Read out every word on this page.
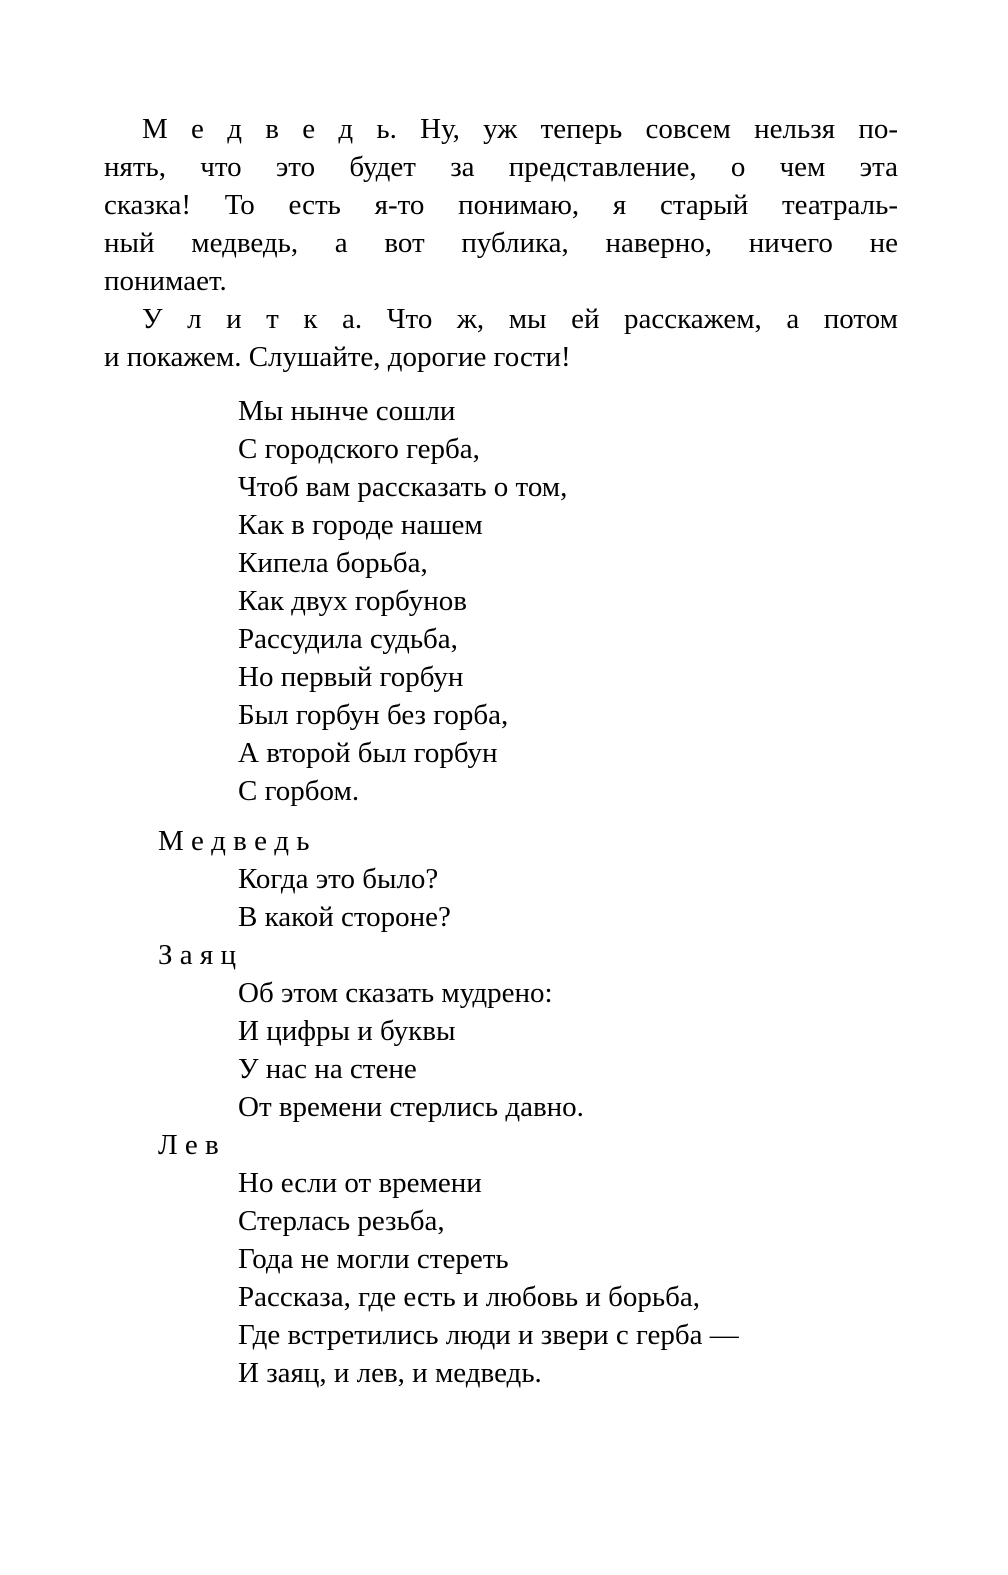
М е д в е д ь. Ну, уж теперь совсем нельзя по-
нять, что это будет за представление, о чем эта
сказка! То есть я-то понимаю, я старый театраль-
ный медведь, а вот публика, наверно, ничего не
понимает.
У л и т к а. Что ж, мы ей расскажем, а потом
и покажем. Слушайте, дорогие гости!
Мы нынче сошли
С городского герба,
Чтоб вам рассказать о том,
Как в городе нашем
Кипела борьба,
Как двух горбунов
Рассудила судьба,
Но первый горбун
Был горбун без горба,
А второй был горбун
С горбом.
М е д в е д ь
Когда это было?
В какой стороне?
З а я ц
Об этом сказать мудрено:
И цифры и буквы
У нас на стене
От времени стерлись давно.
Л е в
Но если от времени
Стерлась резьба,
Года не могли стереть
Рассказа, где есть и любовь и борьба,
Где встретились люди и звери с герба —
И заяц, и лев, и медведь.
